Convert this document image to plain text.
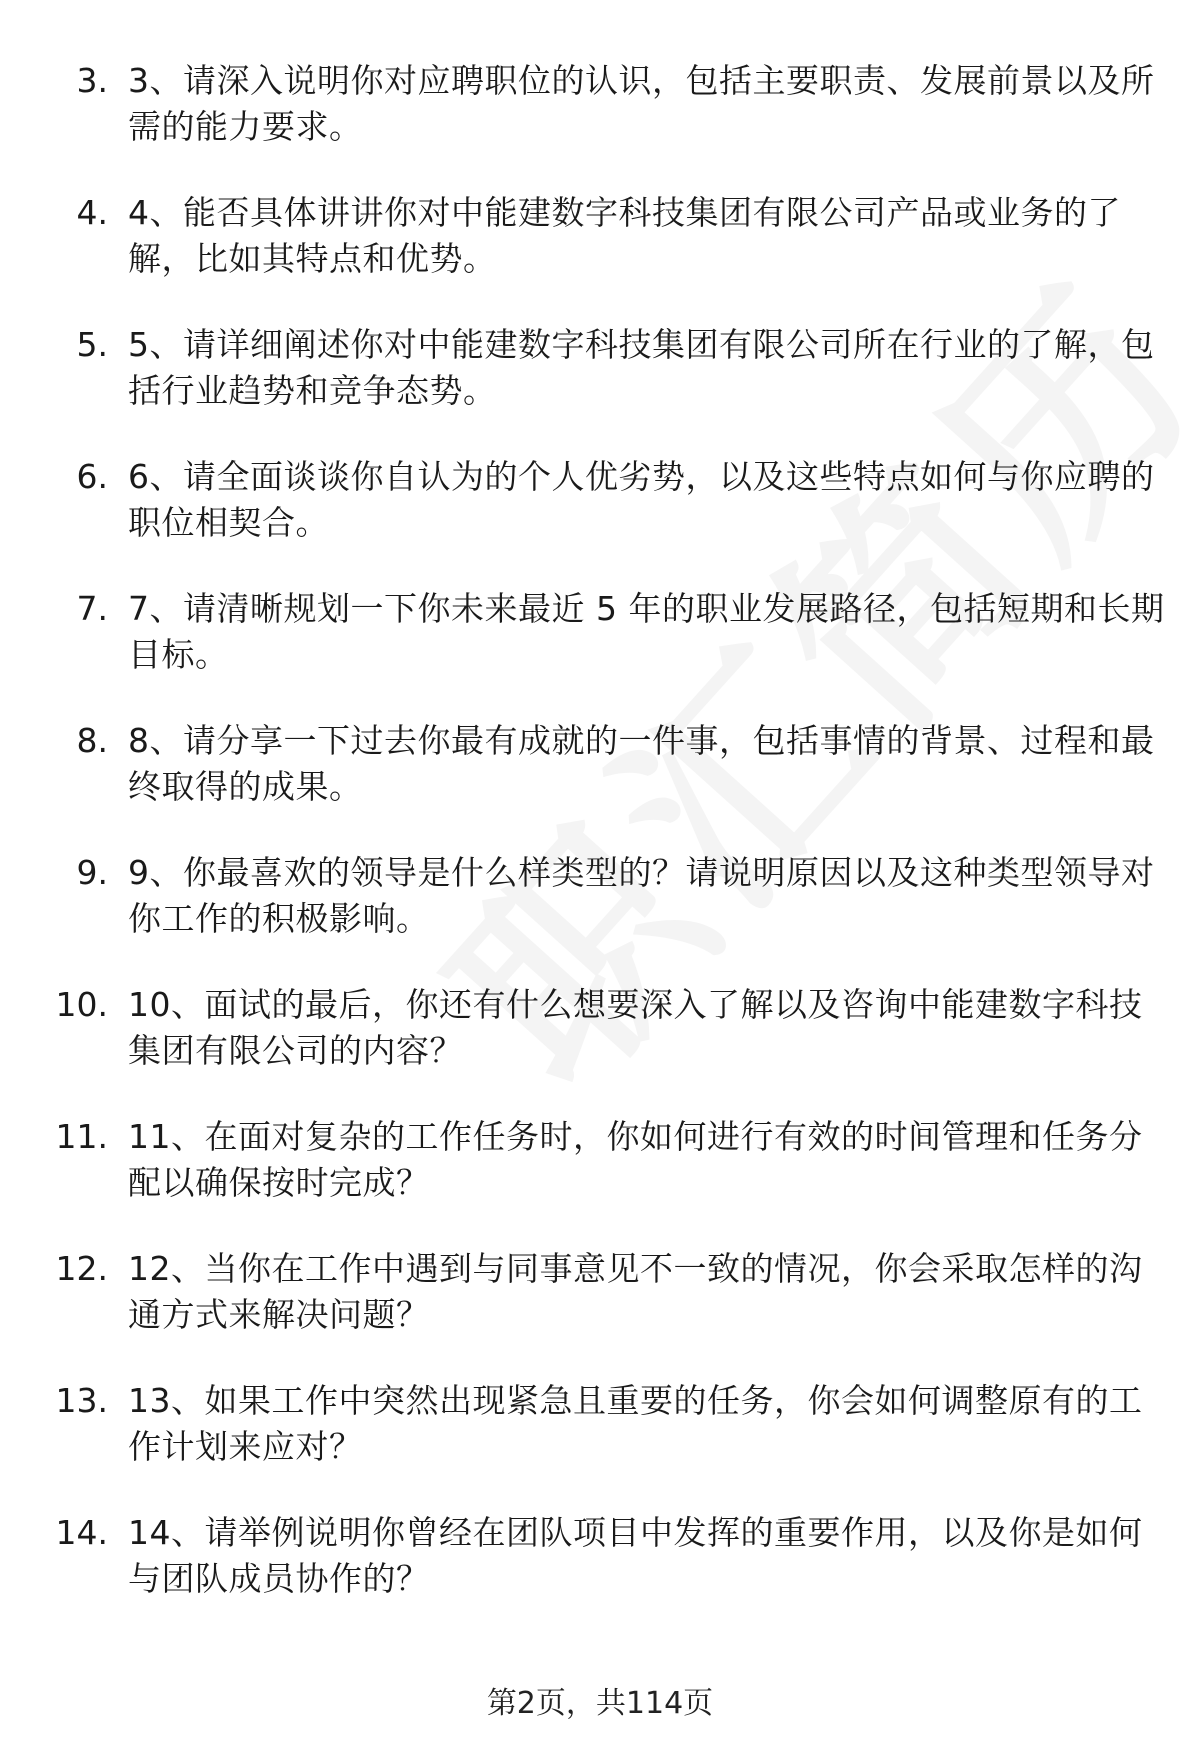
3. 3、请深入说明你对应聘职位的认识，包括主要职责、发展前景以及所需的能力要求。
4. 4、能否具体讲讲你对中能建数字科技集团有限公司产品或业务的了解，比如其特点和优势。
5. 5、请详细阐述你对中能建数字科技集团有限公司所在行业的了解，包括行业趋势和竞争态势。
6. 6、请全面谈谈你自认为的个人优劣势，以及这些特点如何与你应聘的职位相契合。
7. 7、请清晰规划一下你未来最近 5 年的职业发展路径，包括短期和长期目标。
8. 8、请分享一下过去你最有成就的一件事，包括事情的背景、过程和最终取得的成果。
9. 9、你最喜欢的领导是什么样类型的？请说明原因以及这种类型领导对你工作的积极影响。
10. 10、面试的最后，你还有什么想要深入了解以及咨询中能建数字科技集团有限公司的内容？
11. 11、在面对复杂的工作任务时，你如何进行有效的时间管理和任务分配以确保按时完成？
12. 12、当你在工作中遇到与同事意见不一致的情况，你会采取怎样的沟通方式来解决问题？
13. 13、如果工作中突然出现紧急且重要的任务，你会如何调整原有的工作计划来应对？
14. 14、请举例说明你曾经在团队项目中发挥的重要作用，以及你是如何与团队成员协作的？
第2页，共114页
